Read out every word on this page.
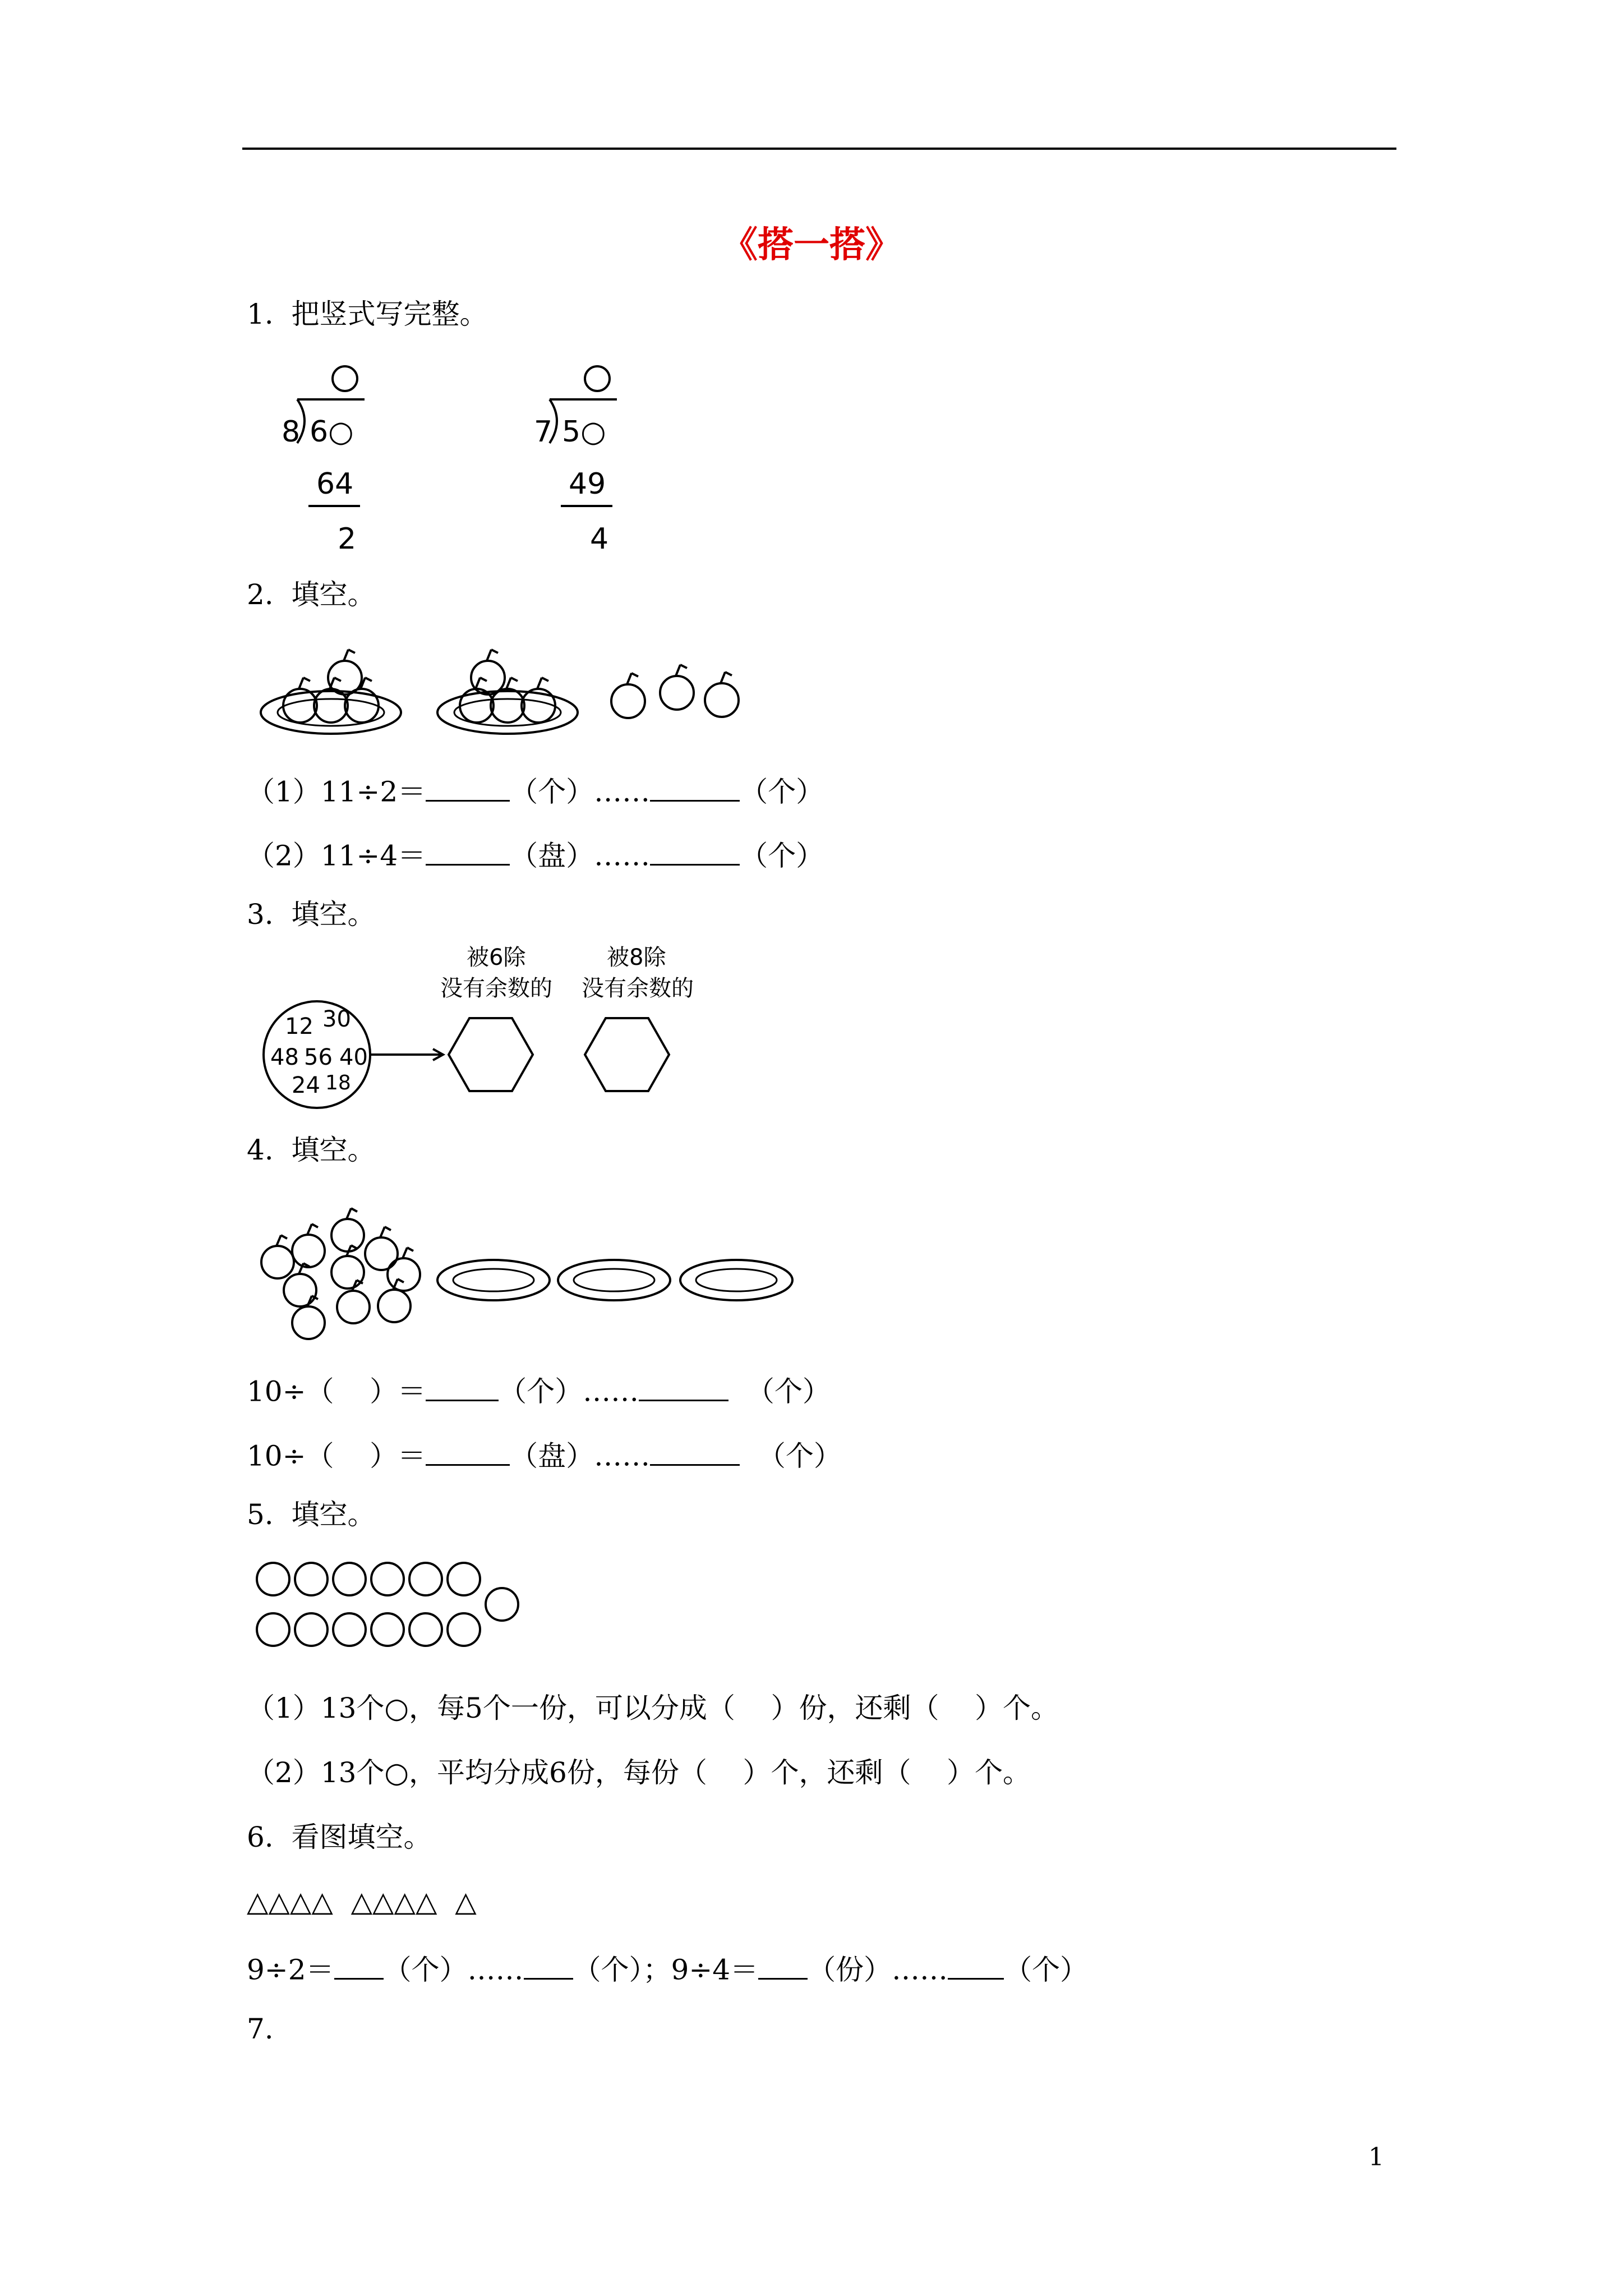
《搭一搭》
1.  把竖式写完整。
8 6○
64
2
7 5○
49
4
2.  填空。
（1）11÷2＝	（个）……	（个）
（2）11÷4＝	（盘）……	（个）
3.  填空。
12 30
48 56 40
24 18
被6除
没有余数的
被8除
没有余数的
4.  填空。
10÷（    ）＝	（个）……	（个）
10÷（    ）＝	（盘）……	（个）
5.  填空。
（1）13个○，每5个一份，可以分成（    ）份，还剩（    ）个。
（2）13个○，平均分成6份，每份（    ）个，还剩（    ）个。
6.  看图填空。
△△△△  △△△△  △
9÷2＝ （个）…… （个）；9÷4＝ （份）…… （个）
7.
1
